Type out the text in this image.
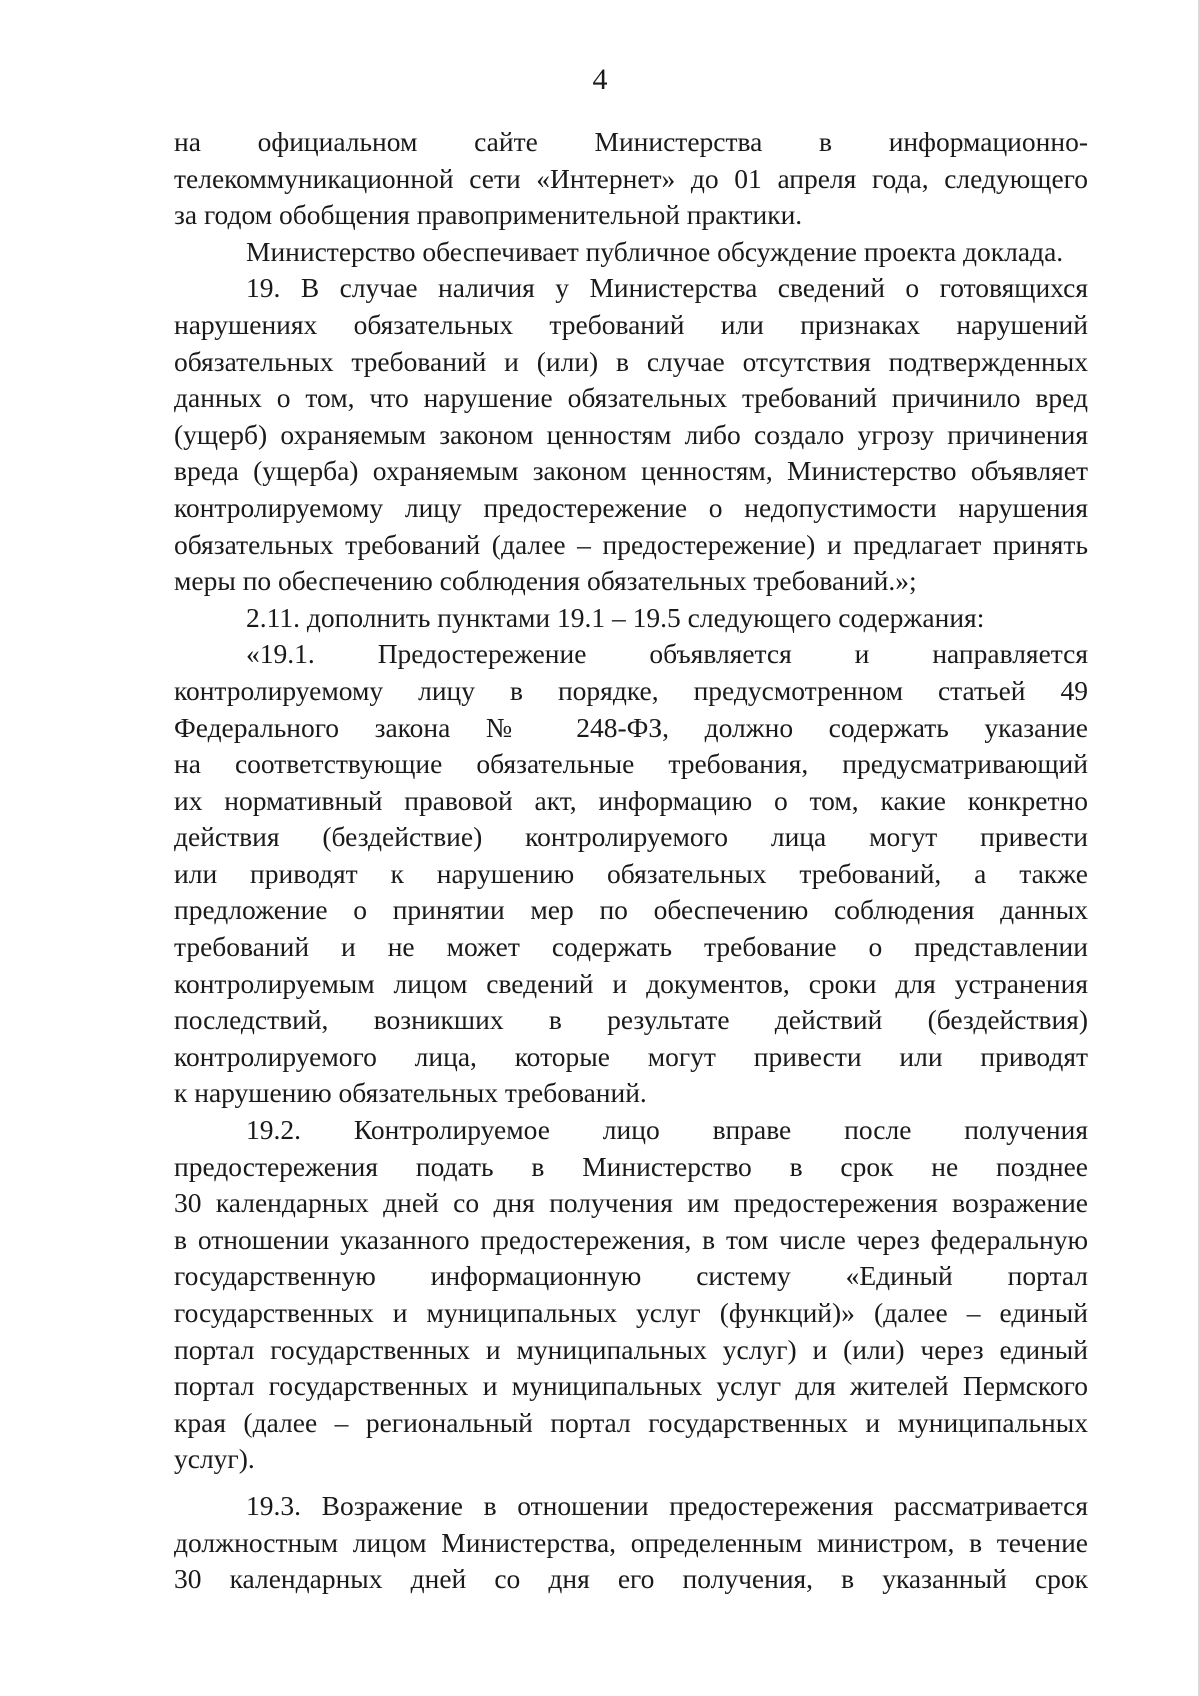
4
на официальном сайте Министерства в информационно-
телекоммуникационной сети «Интернет» до 01 апреля года, следующего
за годом обобщения правоприменительной практики.
Министерство обеспечивает публичное обсуждение проекта доклада.
19. В случае наличия у Министерства сведений о готовящихся
нарушениях обязательных требований или признаках нарушений
обязательных требований и (или) в случае отсутствия подтвержденных
данных о том, что нарушение обязательных требований причинило вред
(ущерб) охраняемым законом ценностям либо создало угрозу причинения
вреда (ущерба) охраняемым законом ценностям, Министерство объявляет
контролируемому лицу предостережение о недопустимости нарушения
обязательных требований (далее – предостережение) и предлагает принять
меры по обеспечению соблюдения обязательных требований.»;
2.11. дополнить пунктами 19.1 – 19.5 следующего содержания:
«19.1. Предостережение объявляется и направляется
контролируемому лицу в порядке, предусмотренном статьей 49
Федерального закона № 248-ФЗ, должно содержать указание
на соответствующие обязательные требования, предусматривающий
их нормативный правовой акт, информацию о том, какие конкретно
действия (бездействие) контролируемого лица могут привести
или приводят к нарушению обязательных требований, а также
предложение о принятии мер по обеспечению соблюдения данных
требований и не может содержать требование о представлении
контролируемым лицом сведений и документов, сроки для устранения
последствий, возникших в результате действий (бездействия)
контролируемого лица, которые могут привести или приводят
к нарушению обязательных требований.
19.2. Контролируемое лицо вправе после получения
предостережения подать в Министерство в срок не позднее
30 календарных дней со дня получения им предостережения возражение
в отношении указанного предостережения, в том числе через федеральную
государственную информационную систему «Единый портал
государственных и муниципальных услуг (функций)» (далее – единый
портал государственных и муниципальных услуг) и (или) через единый
портал государственных и муниципальных услуг для жителей Пермского
края (далее – региональный портал государственных и муниципальных
услуг).
19.3. Возражение в отношении предостережения рассматривается
должностным лицом Министерства, определенным министром, в течение
30 календарных дней со дня его получения, в указанный срок
